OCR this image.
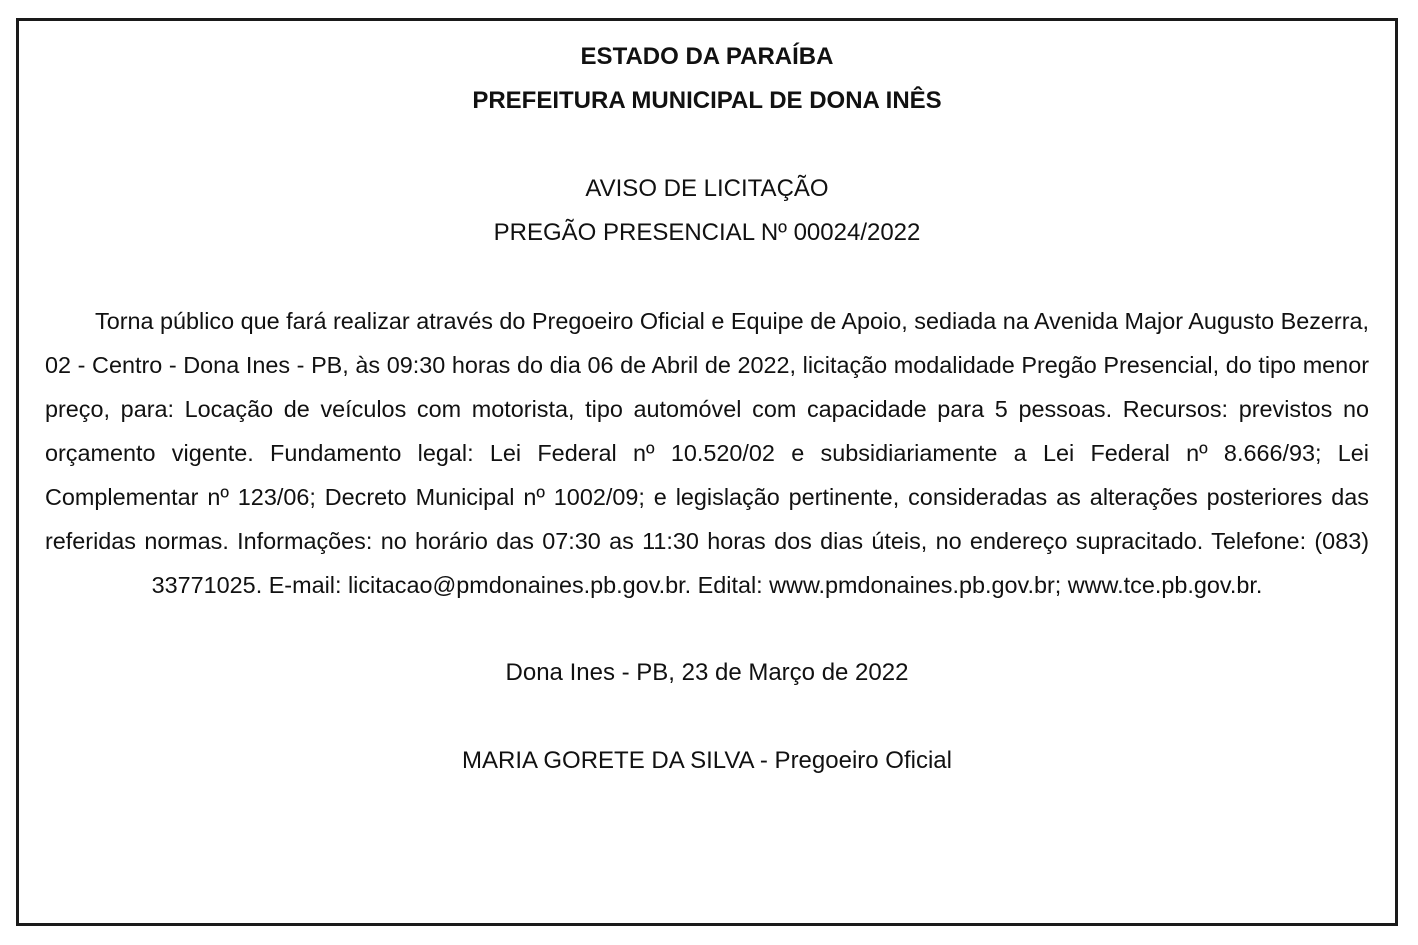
ESTADO DA PARAÍBA
PREFEITURA MUNICIPAL DE DONA INÊS
AVISO DE LICITAÇÃO
PREGÃO PRESENCIAL Nº 00024/2022

Torna público que fará realizar através do Pregoeiro Oficial e Equipe de Apoio, sediada na Avenida Major Augusto Bezerra, 02 - Centro - Dona Ines - PB, às 09:30 horas do dia 06 de Abril de 2022, licitação modalidade Pregão Presencial, do tipo menor preço, para: Locação de veículos com motorista, tipo automóvel com capacidade para 5 pessoas. Recursos: previstos no orçamento vigente. Fundamento legal: Lei Federal nº 10.520/02 e subsidiariamente a Lei Federal nº 8.666/93; Lei Complementar nº 123/06; Decreto Municipal nº 1002/09; e legislação pertinente, consideradas as alterações posteriores das referidas normas. Informações: no horário das 07:30 as 11:30 horas dos dias úteis, no endereço supracitado. Telefone: (083) 33771025. E-mail: licitacao@pmdonaines.pb.gov.br. Edital: www.pmdonaines.pb.gov.br; www.tce.pb.gov.br.

Dona Ines - PB, 23 de Março de 2022
MARIA GORETE DA SILVA - Pregoeiro Oficial
